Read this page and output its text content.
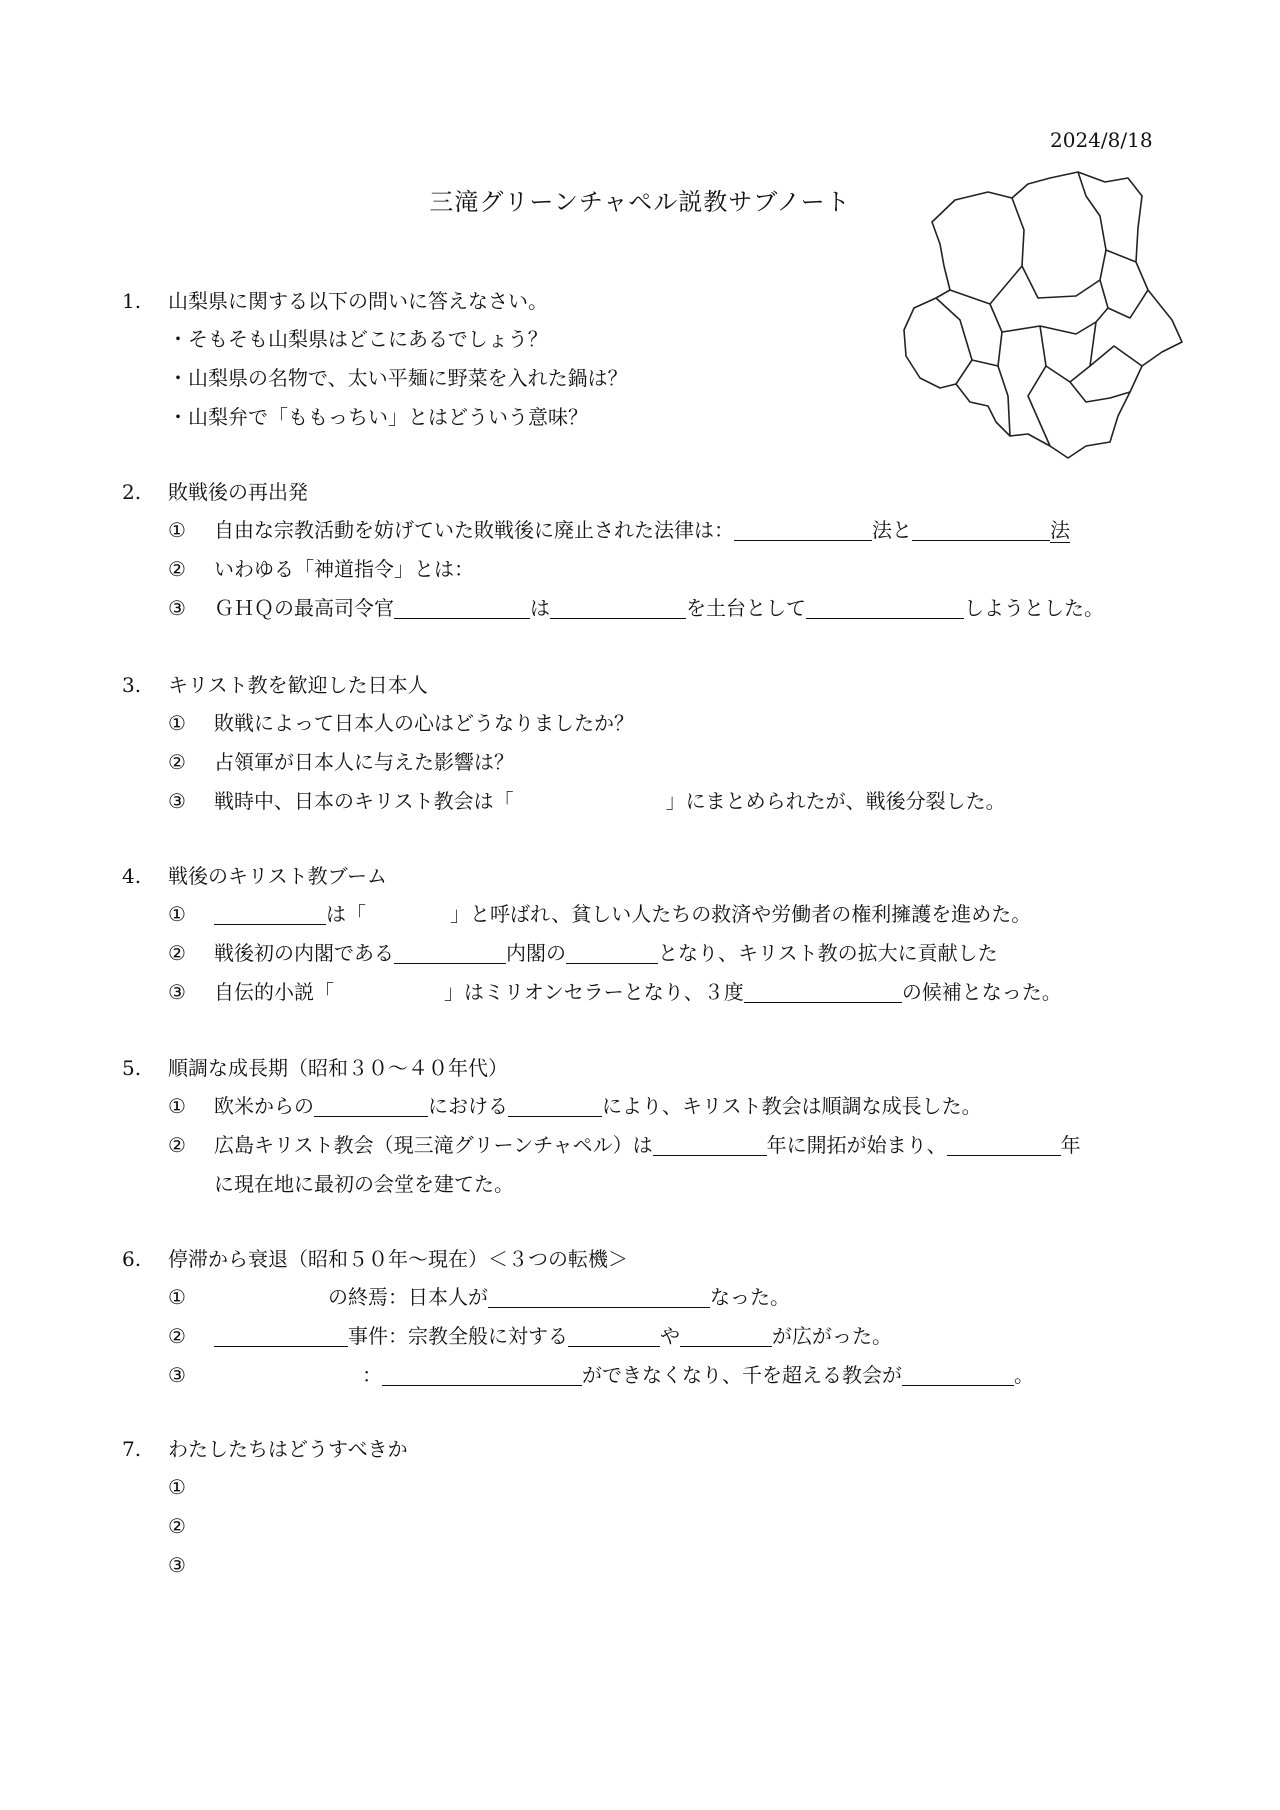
2024/8/18
三滝グリーンチャペル説教サブノート
1. 山梨県に関する以下の問いに答えなさい。
・そもそも山梨県はどこにあるでしょう？
・山梨県の名物で、太い平麺に野菜を入れた鍋は？
・山梨弁で「ももっちい」とはどういう意味？
2. 敗戦後の再出発
① 自由な宗教活動を妨げていた敗戦後に廃止された法律は：	法と	法
② いわゆる「神道指令」とは：
③ ＧＨＱの最高司令官	は	を土台として	しようとした。
3. キリスト教を歓迎した日本人
① 敗戦によって日本人の心はどうなりましたか？
② 占領軍が日本人に与えた影響は？
③ 戦時中、日本のキリスト教会は「	」にまとめられたが、戦後分裂した。
4. 戦後のキリスト教ブーム
①	は「	」と呼ばれ、貧しい人たちの救済や労働者の権利擁護を進めた。
② 戦後初の内閣である	内閣の	となり、キリスト教の拡大に貢献した
③ 自伝的小説「	」はミリオンセラーとなり、３度	の候補となった。
5. 順調な成長期（昭和３０～４０年代）
① 欧米からの	における	により、キリスト教会は順調な成長した。
② 広島キリスト教会（現三滝グリーンチャペル）は	年に開拓が始まり、	年
に現在地に最初の会堂を建てた。
6. 停滞から衰退（昭和５０年～現在）＜３つの転機＞
①	の終焉：日本人が	なった。
②	事件：宗教全般に対する	や	が広がった。
③	：	ができなくなり、千を超える教会が	。
7. わたしたちはどうすべきか
①
②
③
